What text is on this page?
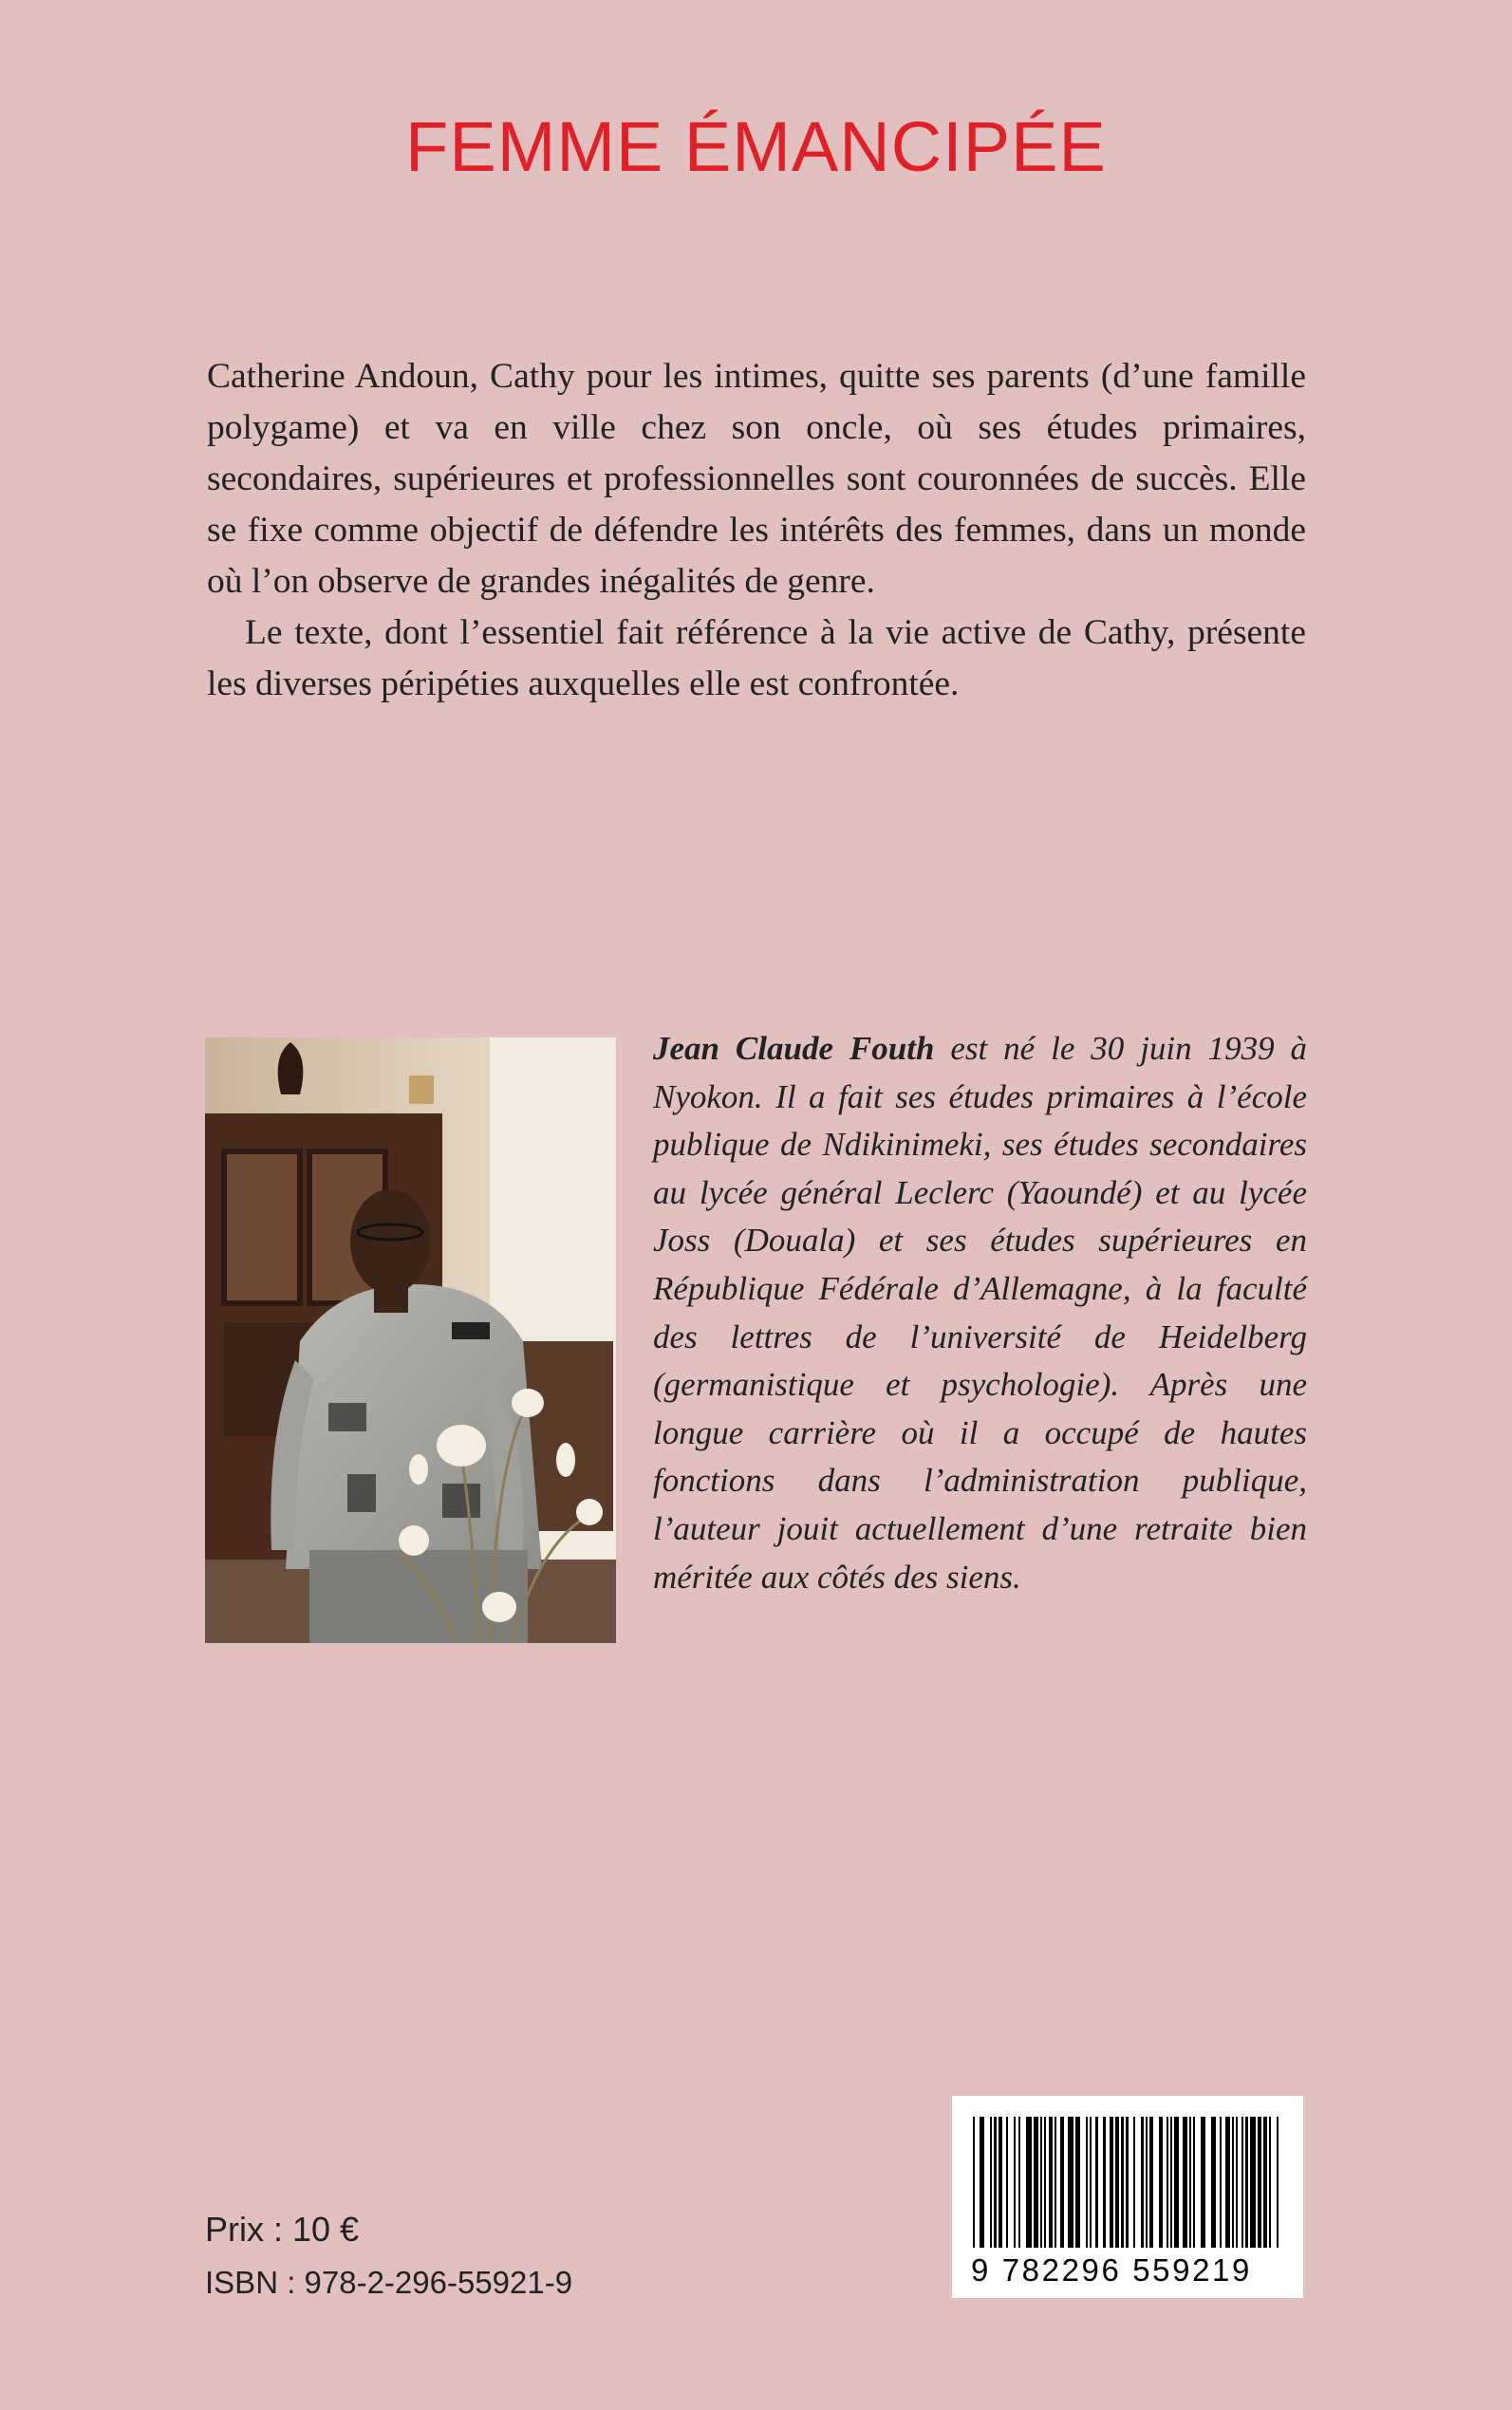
FEMME ÉMANCIPÉE

Catherine Andoun, Cathy pour les intimes, quitte ses parents (d’une famille polygame) et va en ville chez son oncle, où ses études primaires, secondaires, supérieures et professionnelles sont couronnées de succès. Elle se fixe comme objectif de défendre les intérêts des femmes, dans un monde où l’on observe de grandes inégalités de genre.

Le texte, dont l’essentiel fait référence à la vie active de Cathy, présente les diverses péripéties auxquelles elle est confrontée.

Jean Claude Fouth est né le 30 juin 1939 à Nyokon. Il a fait ses études primaires à l’école publique de Ndikinimeki, ses études secondaires au lycée général Leclerc (Yaoundé) et au lycée Joss (Douala) et ses études supérieures en République Fédérale d’Allemagne, à la faculté des lettres de l’université de Heidelberg (germanistique et psychologie). Après une longue carrière où il a occupé de hautes fonctions dans l’administration publique, l’auteur jouit actuellement d’une retraite bien méritée aux côtés des siens.
Prix : 10 €
ISBN : 978-2-296-55921-9	9 782296 559219
